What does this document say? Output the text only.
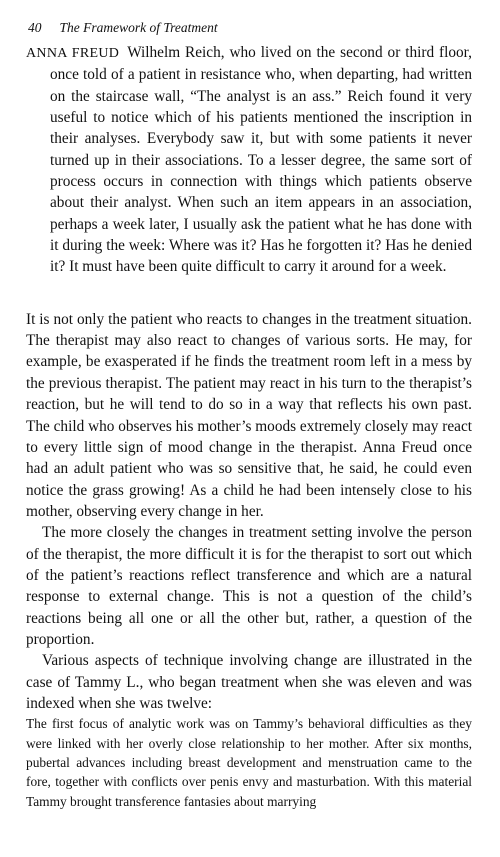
40 The Framework of Treatment

ANNA FREUD Wilhelm Reich, who lived on the second or third floor, once told of a patient in resistance who, when departing, had written on the staircase wall, “The analyst is an ass.” Reich found it very useful to notice which of his patients mentioned the inscription in their analyses. Everybody saw it, but with some patients it never turned up in their associations. To a lesser degree, the same sort of process occurs in connection with things which patients observe about their analyst. When such an item appears in an association, perhaps a week later, I usually ask the patient what he has done with it during the week: Where was it? Has he forgotten it? Has he denied it? It must have been quite difficult to carry it around for a week.

It is not only the patient who reacts to changes in the treatment situation. The therapist may also react to changes of various sorts. He may, for example, be exasperated if he finds the treatment room left in a mess by the previous therapist. The patient may react in his turn to the therapist’s reaction, but he will tend to do so in a way that reflects his own past. The child who observes his mother’s moods extremely closely may react to every little sign of mood change in the therapist. Anna Freud once had an adult patient who was so sensitive that, he said, he could even notice the grass growing! As a child he had been intensely close to his mother, observing every change in her.

The more closely the changes in treatment setting involve the person of the therapist, the more difficult it is for the therapist to sort out which of the patient’s reactions reflect transference and which are a natural response to external change. This is not a question of the child’s reactions being all one or all the other but, rather, a question of the proportion.

Various aspects of technique involving change are illustrated in the case of Tammy L., who began treatment when she was eleven and was indexed when she was twelve:

The first focus of analytic work was on Tammy’s behavioral difficulties as they were linked with her overly close relationship to her mother. After six months, pubertal advances including breast development and menstruation came to the fore, together with conflicts over penis envy and masturbation. With this material Tammy brought transference fantasies about marrying
